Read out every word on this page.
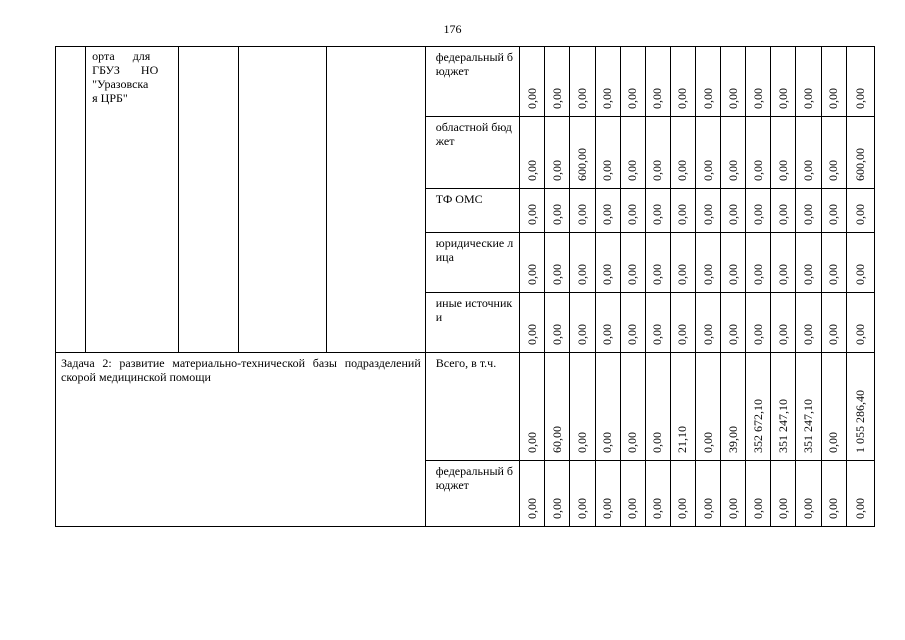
176

	орта      для
ГБУЗ       НО
"Уразовска
я ЦРБ"				федеральный бюджет	0,00	0,00	0,00	0,00	0,00	0,00	0,00	0,00	0,00	0,00	0,00	0,00	0,00	0,00

					областной бюджет	0,00	0,00	600,00	0,00	0,00	0,00	0,00	0,00	0,00	0,00	0,00	0,00	0,00	600,00

					ТФ ОМС	0,00	0,00	0,00	0,00	0,00	0,00	0,00	0,00	0,00	0,00	0,00	0,00	0,00	0,00

					юридические лица	0,00	0,00	0,00	0,00	0,00	0,00	0,00	0,00	0,00	0,00	0,00	0,00	0,00	0,00

					иные источники	0,00	0,00	0,00	0,00	0,00	0,00	0,00	0,00	0,00	0,00	0,00	0,00	0,00	0,00

Задача 2: развитие материально-технической базы подразделений скорой медицинской помощи					Всего, в т.ч.	0,00	60,00	0,00	0,00	0,00	0,00	21,10	0,00	39,00	352 672,10	351 247,10	351 247,10	0,00	1 055 286,40

					федеральный бюджет	0,00	0,00	0,00	0,00	0,00	0,00	0,00	0,00	0,00	0,00	0,00	0,00	0,00	0,00
